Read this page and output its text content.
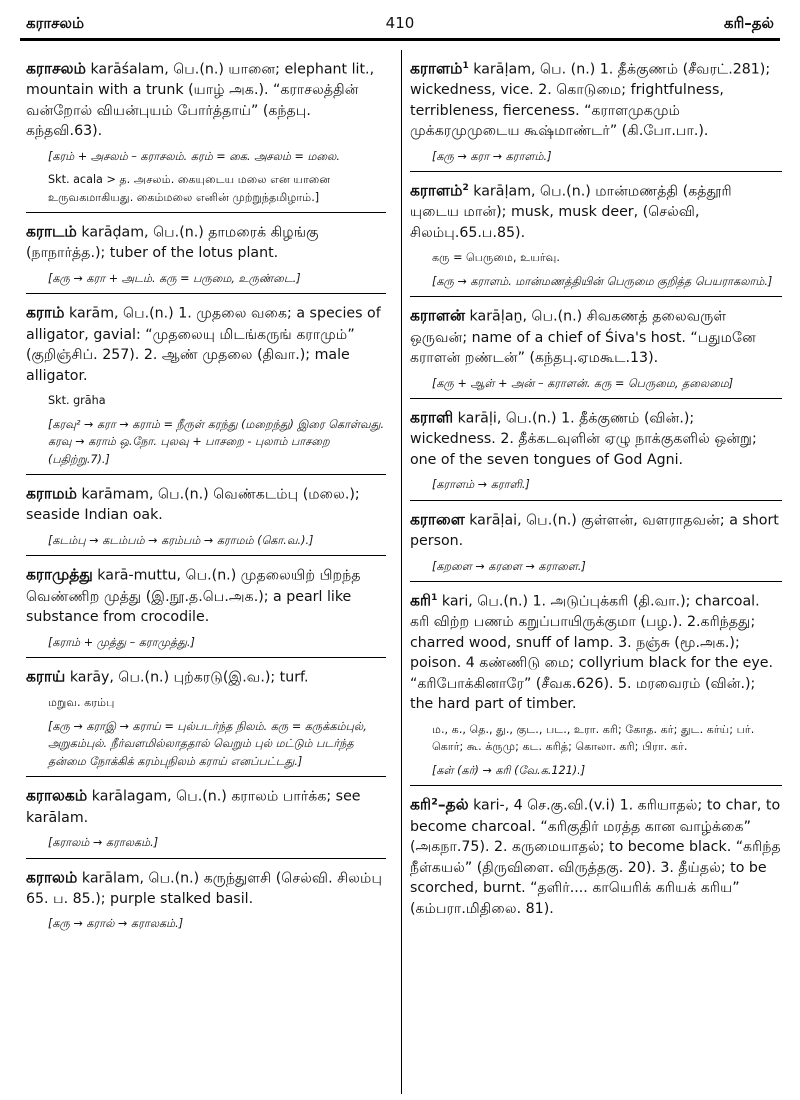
கராசலம்	410	கரி–தல்
கராசலம் karāśalam, பெ.(n.) யானை; elephant lit., mountain with a trunk (யாழ் அக.). “கராசலத்தின் வன்றோல் வியன்புயம் போர்த்தாய்” (கந்தபு. கந்தவி.63).
[கரம் + அசலம் – கராசலம். கரம் = கை. அசலம் = மலை.
Skt. acala > த. அசலம். கையுடைய மலை என யானை உருவகமாகியது. கைம்மலை எனின் முற்றுந்தமிழாம்.]
கராடம் karāḍam, பெ.(n.) தாமரைக் கிழங்கு (நாநார்த்த.); tuber of the lotus plant.
[கரு → கரா + அடம். கரு = பருமை, உருண்டை.]
கராம் karām, பெ.(n.) 1. முதலை வகை; a species of alligator, gavial: “முதலையு மிடங்கருங் கராமும்” (குறிஞ்சிப். 257). 2. ஆண் முதலை (திவா.); male alligator.
Skt. grāha
[கரவு² → கரா → கராம் = நீருள் கரந்து (மறைந்து) இரை கொள்வது. கரவு → கராம் ஒ.நோ. புலவு + பாசறை - புலாம் பாசறை (பதிற்று.7).]
கராமம் karāmam, பெ.(n.) வெண்கடம்பு (மலை.); seaside Indian oak.
[கடம்பு → கடம்பம் → கரம்பம் → கராமம் (கொ.வ.).]
கராமுத்து karā-muttu, பெ.(n.) முதலையிற் பிறந்த வெண்ணிற முத்து (இ.நூ.த.பெ.அக.); a pearl like substance from crocodile.
[கராம் + முத்து – கராமுத்து.]
கராய் karāy, பெ.(n.) புற்கரடு(இ.வ.); turf.
மறுவ. கரம்பு
[கரு → கராஇ → கராய் = புல்படர்ந்த நிலம். கரு = கருக்கம்புல், அறுகம்புல். நீர்வளமில்லாததால் வெறும் புல் மட்டும் படர்ந்த தன்மை நோக்கிக் கரம்புநிலம் கராய் எனப்பட்டது.]
கராலகம் karālagam, பெ.(n.) கராலம் பார்க்க; see karālam.
[கராலம் → கராலகம்.]
கராலம் karālam, பெ.(n.) கருந்துளசி (செல்வி. சிலம்பு 65. ப. 85.); purple stalked basil.
[கரு → கரால் → கராலகம்.]
கராளம்$^1$ karāḷam, பெ. (n.) 1. தீக்குணம் (சீவரட்.281); wickedness, vice. 2. கொடுமை; frightfulness, terribleness, fierceness. “கராளமுகமும் முக்கரமுமுடைய கூஷ்மாண்டர்” (கி.போ.பா.).
[கரு → கரா → கராளம்.]
கராளம்$^2$ karāḷam, பெ.(n.) மான்மணத்தி (கத்தூரி யுடைய மான்); musk, musk deer, (செல்வி, சிலம்பு.65.ப.85).
கரு = பெருமை, உயர்வு.
[கரு → கராளம். மான்மணத்தியின் பெருமை குறித்த பெயராகலாம்.]
கராளன் karāḷaṉ, பெ.(n.) சிவகணத் தலைவருள் ஒருவன்; name of a chief of Śiva's host. “பதுமனே கராளன் றண்டன்” (கந்தபு.ஏமகூட.13).
[கரு + ஆள் + அன் – கராளன். கரு = பெருமை, தலைமை]
கராளி karāḷi, பெ.(n.) 1. தீக்குணம் (வின்.); wickedness. 2. தீக்கடவுளின் ஏழு நாக்குகளில் ஒன்று; one of the seven tongues of God Agni.
[கராளம் → கராளி.]
கராளை karāḷai, பெ.(n.) குள்ளன், வளராதவன்; a short person.
[கறளை → கரளை → கராளை.]
கரி$^1$ kari, பெ.(n.) 1. அடுப்புக்கரி (தி.வா.); charcoal. கரி விற்ற பணம் கறுப்பாயிருக்குமா (பழ.). 2.கரிந்தது; charred wood, snuff of lamp. 3. நஞ்சு (மூ.அக.); poison. 4 கண்ணிடு மை; collyrium black for the eye. “கரிபோக்கினாரே” (சீவக.626). 5. மரவைரம் (வின்.); the hard part of timber.
ம., க., தெ., து., குட., பட., உரா. கரி; கோத. கர்; துட. கர்ய்; பர். கொர்; கூ. க்ருமு; கட. கரித்; கொலா. கரி; பிரா. கர்.
[கள் (கர்) → கரி (வே.க.121).]
கரி²–தல் kari-, 4 செ.கு.வி.(v.i) 1. கரியாதல்; to char, to become charcoal. “கரிகுதிர் மரத்த கான வாழ்க்கை” (அகநா.75). 2. கருமையாதல்; to become black. “கரிந்த நீள்கயல்” (திருவிளை. விருத்தகு. 20). 3. தீய்தல்; to be scorched, burnt. “தளிர்.... காயெரிக் கரியக் கரிய” (கம்பரா.மிதிலை. 81).
